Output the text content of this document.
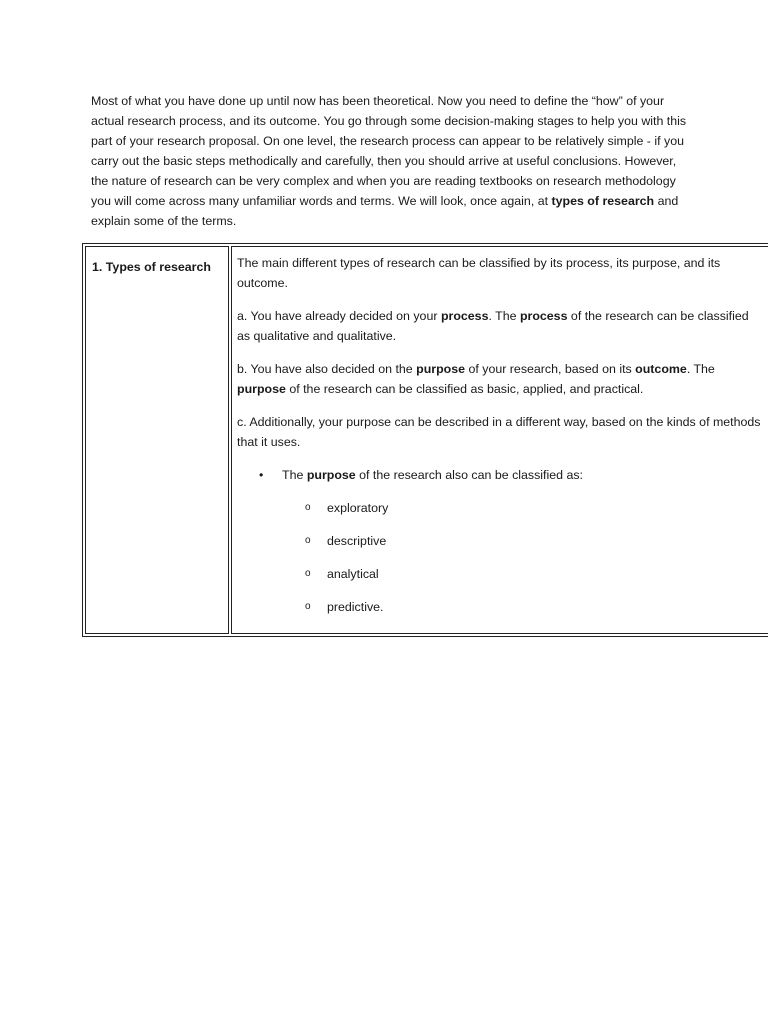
Most of what you have done up until now has been theoretical. Now you need to define the “how” of your actual research process, and its outcome. You go through some decision-making stages to help you with this part of your research proposal. On one level, the research process can appear to be relatively simple - if you carry out the basic steps methodically and carefully, then you should arrive at useful conclusions. However, the nature of research can be very complex and when you are reading textbooks on research methodology you will come across many unfamiliar words and terms. We will look, once again, at types of research and explain some of the terms.

1. Types of research	The main different types of research can be classified by its process, its purpose, and its outcome.

a. You have already decided on your process. The process of the research can be classified as qualitative and qualitative.

b. You have also decided on the purpose of your research, based on its outcome. The purpose of the research can be classified as basic, applied, and practical.

c. Additionally, your purpose can be described in a different way, based on the kinds of methods that it uses.

• The purpose of the research also can be classified as:
o exploratory
o descriptive
o analytical
o predictive.
